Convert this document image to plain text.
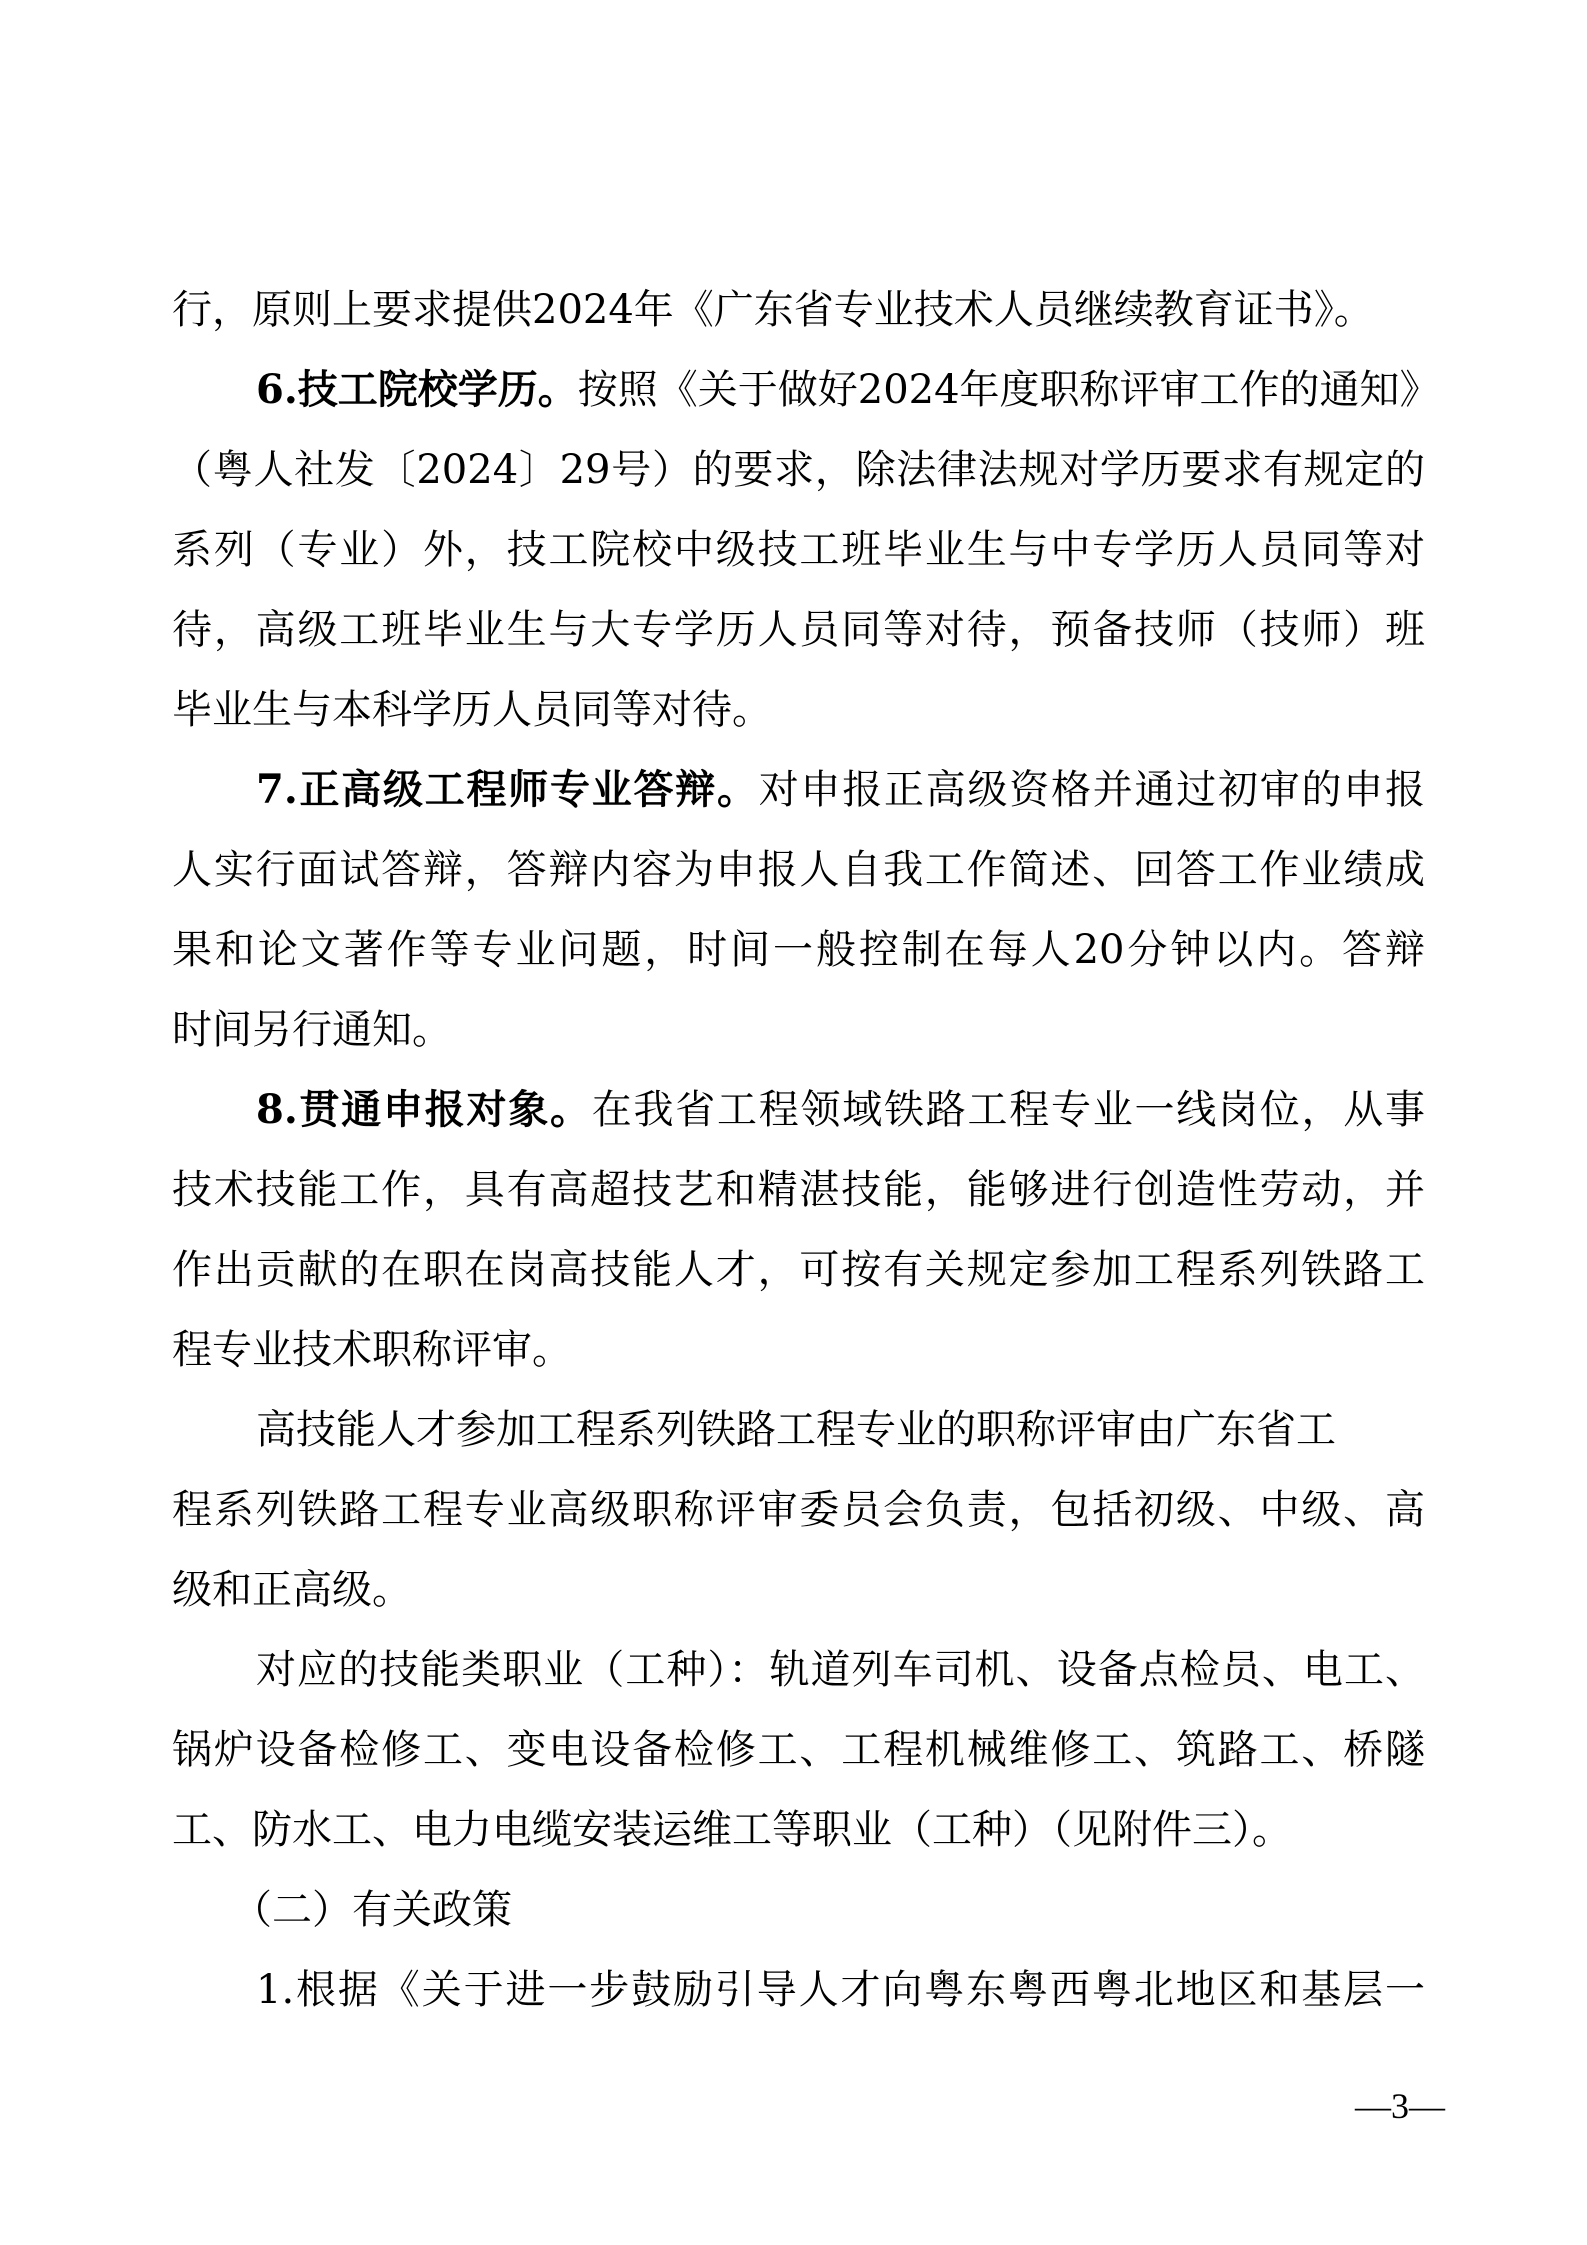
行，原则上要求提供2024年《广东省专业技术人员继续教育证书》。
6.技工院校学历。按照《关于做好2024年度职称评审工作的通知》
（粤人社发〔2024〕29号）的要求，除法律法规对学历要求有规定的
系列（专业）外，技工院校中级技工班毕业生与中专学历人员同等对
待，高级工班毕业生与大专学历人员同等对待，预备技师（技师）班
毕业生与本科学历人员同等对待。
7.正高级工程师专业答辩。对申报正高级资格并通过初审的申报
人实行面试答辩，答辩内容为申报人自我工作简述、回答工作业绩成
果和论文著作等专业问题，时间一般控制在每人20分钟以内。答辩
时间另行通知。
8.贯通申报对象。在我省工程领域铁路工程专业一线岗位，从事
技术技能工作，具有高超技艺和精湛技能，能够进行创造性劳动，并
作出贡献的在职在岗高技能人才，可按有关规定参加工程系列铁路工
程专业技术职称评审。
高技能人才参加工程系列铁路工程专业的职称评审由广东省工
程系列铁路工程专业高级职称评审委员会负责，包括初级、中级、高
级和正高级。
对应的技能类职业（工种）：轨道列车司机、设备点检员、电工、
锅炉设备检修工、变电设备检修工、工程机械维修工、筑路工、桥隧
工、防水工、电力电缆安装运维工等职业（工种）（见附件三）。
（二）有关政策
1.根据《关于进一步鼓励引导人才向粤东粤西粤北地区和基层一
—3—
